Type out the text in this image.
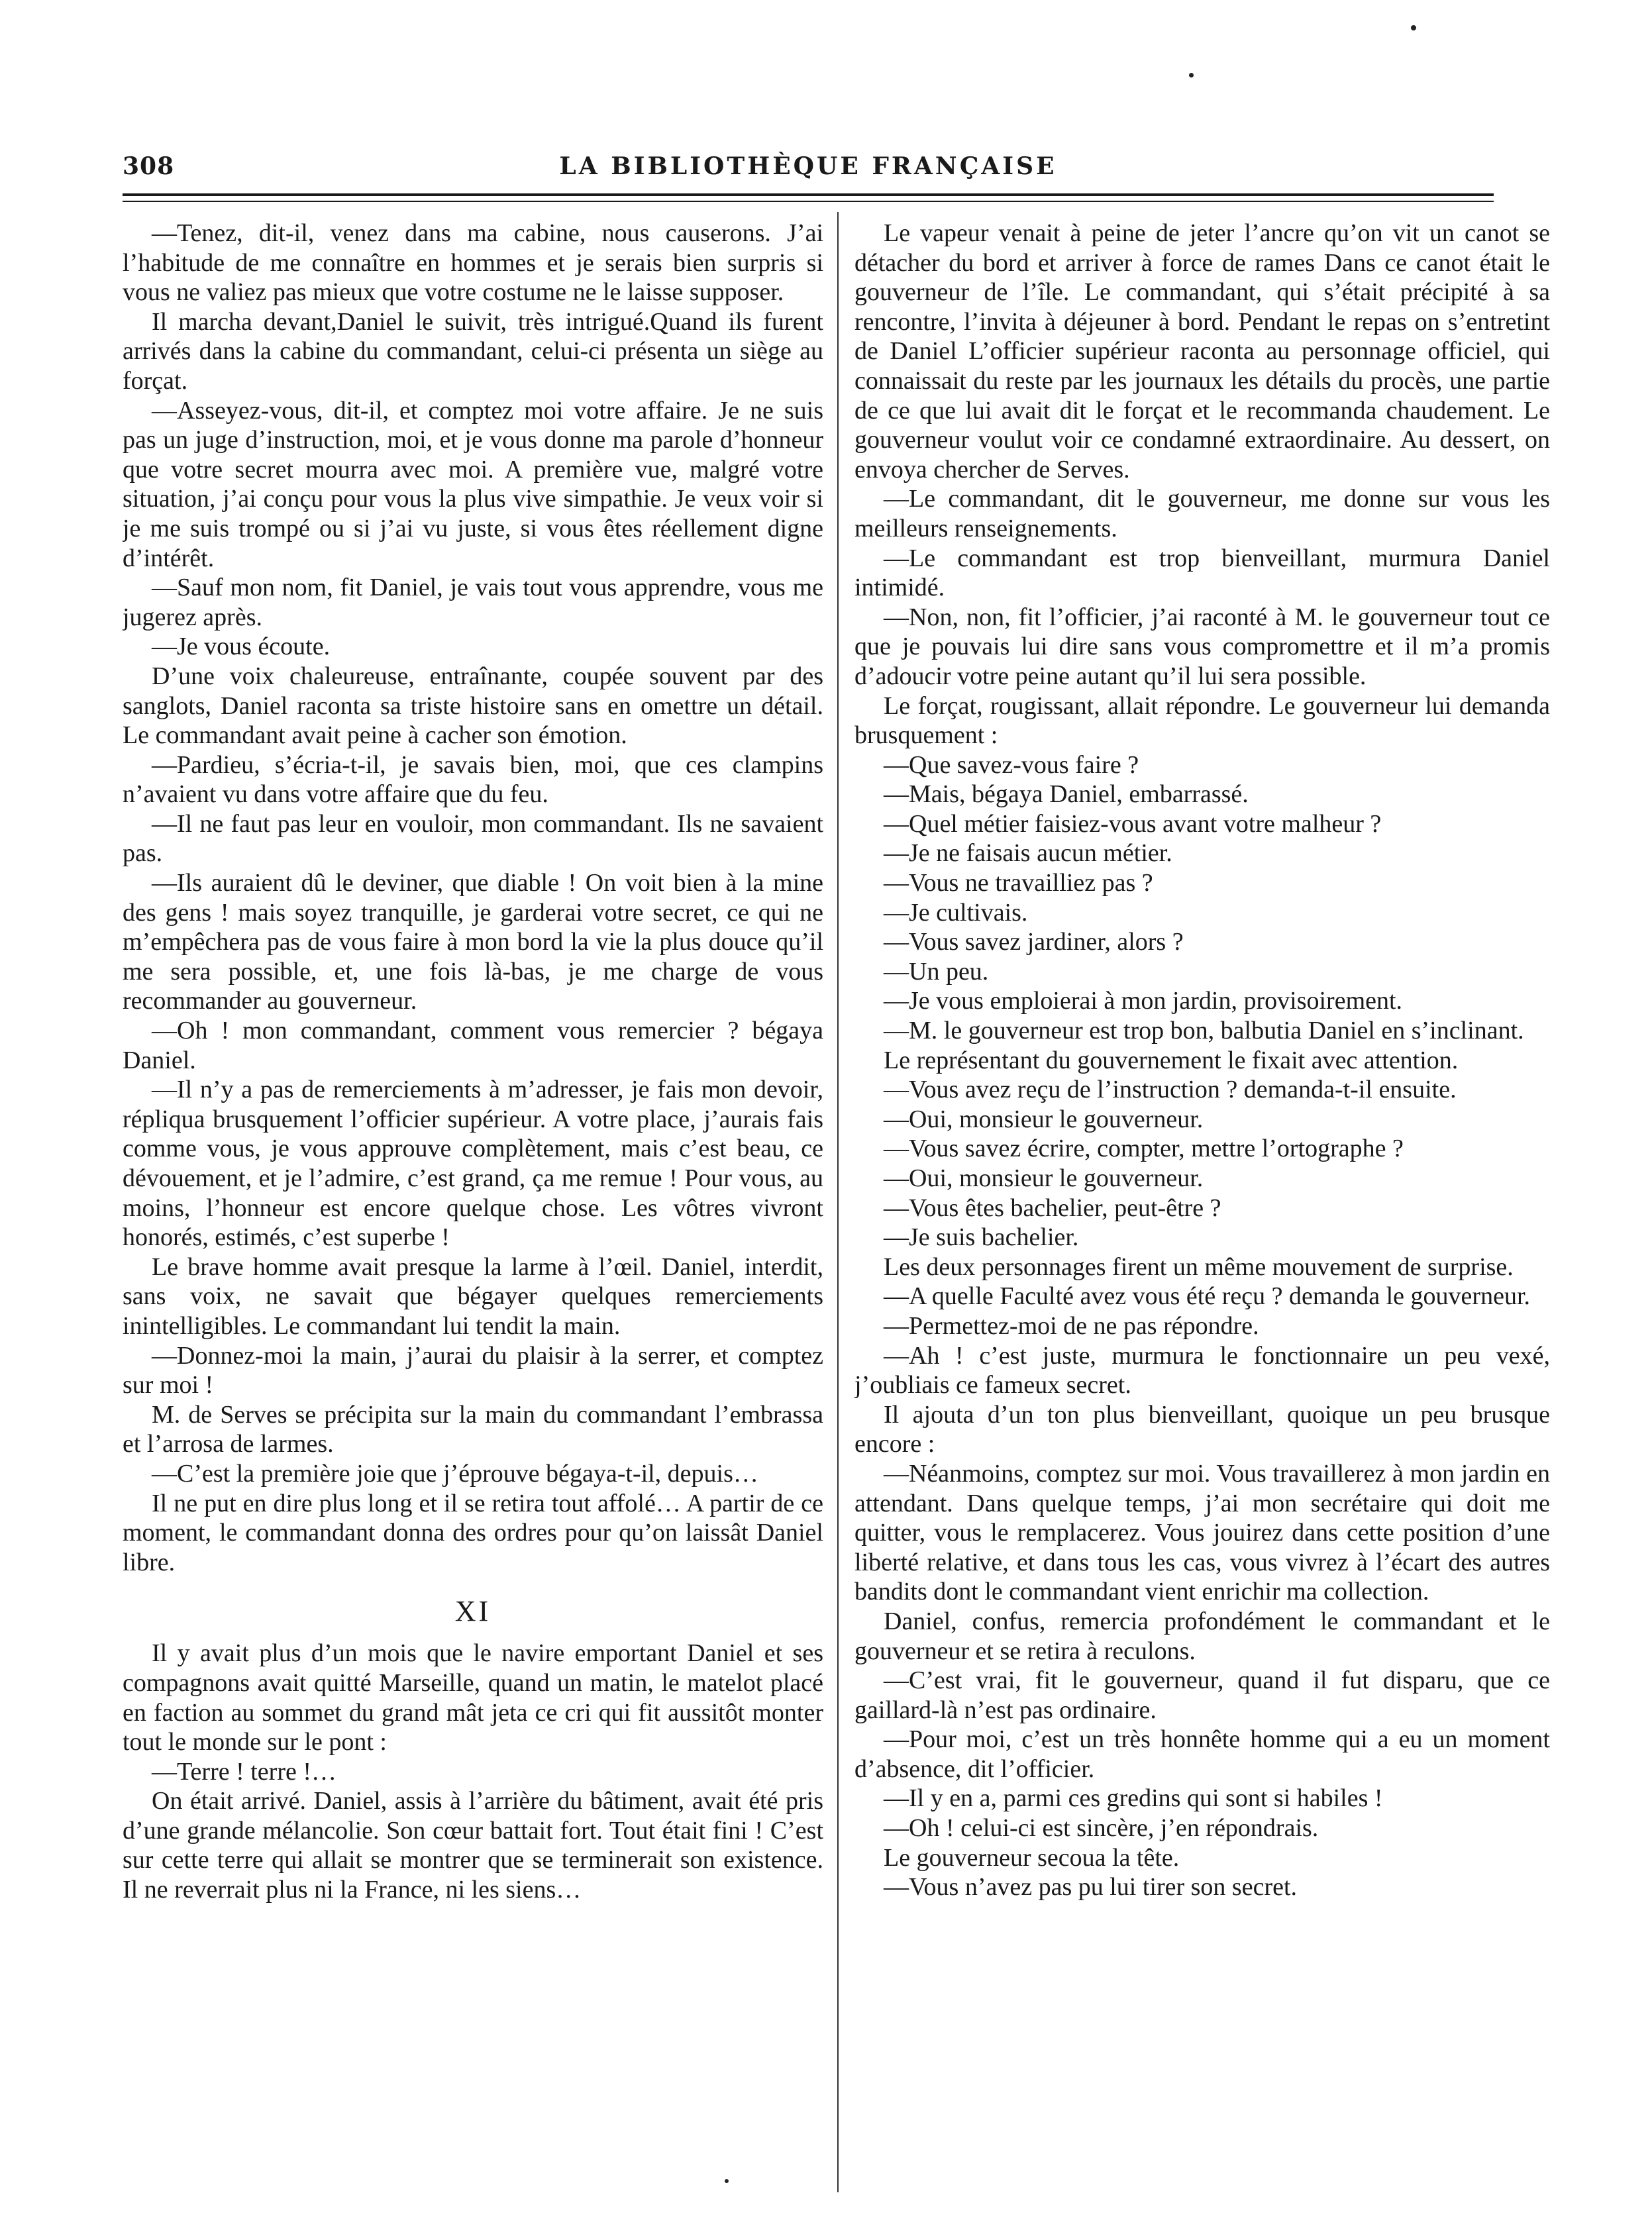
308	LA BIBLIOTHÈQUE FRANÇAISE

—Tenez, dit-il, venez dans ma cabine, nous causerons. J’ai l’habitude de me connaître en hommes et je serais bien surpris si vous ne valiez pas mieux que votre costume ne le laisse supposer.

Il marcha devant,Daniel le suivit, très intrigué.Quand ils furent arrivés dans la cabine du commandant, celui-ci présenta un siège au forçat.

—Asseyez-vous, dit-il, et comptez moi votre affaire. Je ne suis pas un juge d’instruction, moi, et je vous donne ma parole d’honneur que votre secret mourra avec moi. A première vue, malgré votre situation, j’ai conçu pour vous la plus vive simpathie. Je veux voir si je me suis trompé ou si j’ai vu juste, si vous êtes réellement digne d’intérêt.

—Sauf mon nom, fit Daniel, je vais tout vous apprendre, vous me jugerez après.

—Je vous écoute.

D’une voix chaleureuse, entraînante, coupée souvent par des sanglots, Daniel raconta sa triste histoire sans en omettre un détail. Le commandant avait peine à cacher son émotion.

—Pardieu, s’écria-t-il, je savais bien, moi, que ces clampins n’avaient vu dans votre affaire que du feu.

—Il ne faut pas leur en vouloir, mon commandant. Ils ne savaient pas.

—Ils auraient dû le deviner, que diable ! On voit bien à la mine des gens ! mais soyez tranquille, je garderai votre secret, ce qui ne m’empêchera pas de vous faire à mon bord la vie la plus douce qu’il me sera possible, et, une fois là-bas, je me charge de vous recommander au gouverneur.

—Oh ! mon commandant, comment vous remercier ? bégaya Daniel.

—Il n’y a pas de remerciements à m’adresser, je fais mon devoir, répliqua brusquement l’officier supérieur. A votre place, j’aurais fais comme vous, je vous approuve complètement, mais c’est beau, ce dévouement, et je l’admire, c’est grand, ça me remue ! Pour vous, au moins, l’honneur est encore quelque chose. Les vôtres vivront honorés, estimés, c’est superbe !

Le brave homme avait presque la larme à l’œil. Daniel, interdit, sans voix, ne savait que bégayer quelques remerciements inintelligibles. Le commandant lui tendit la main.

—Donnez-moi la main, j’aurai du plaisir à la serrer, et comptez sur moi !

M. de Serves se précipita sur la main du commandant l’embrassa et l’arrosa de larmes.

—C’est la première joie que j’éprouve bégaya-t-il, depuis…

Il ne put en dire plus long et il se retira tout affolé… A partir de ce moment, le commandant donna des ordres pour qu’on laissât Daniel libre.

XI

Il y avait plus d’un mois que le navire emportant Daniel et ses compagnons avait quitté Marseille, quand un matin, le matelot placé en faction au sommet du grand mât jeta ce cri qui fit aussitôt monter tout le monde sur le pont :

—Terre ! terre !…

On était arrivé. Daniel, assis à l’arrière du bâtiment, avait été pris d’une grande mélancolie. Son cœur battait fort. Tout était fini ! C’est sur cette terre qui allait se montrer que se terminerait son existence. Il ne reverrait plus ni la France, ni les siens…

Le vapeur venait à peine de jeter l’ancre qu’on vit un canot se détacher du bord et arriver à force de rames Dans ce canot était le gouverneur de l’île. Le commandant, qui s’était précipité à sa rencontre, l’invita à déjeuner à bord. Pendant le repas on s’entretint de Daniel L’officier supérieur raconta au personnage officiel, qui connaissait du reste par les journaux les détails du procès, une partie de ce que lui avait dit le forçat et le recommanda chaudement. Le gouverneur voulut voir ce condamné extraordinaire. Au dessert, on envoya chercher de Serves.

—Le commandant, dit le gouverneur, me donne sur vous les meilleurs renseignements.

—Le commandant est trop bienveillant, murmura Daniel intimidé.

—Non, non, fit l’officier, j’ai raconté à M. le gouverneur tout ce que je pouvais lui dire sans vous compromettre et il m’a promis d’adoucir votre peine autant qu’il lui sera possible.

Le forçat, rougissant, allait répondre. Le gouverneur lui demanda brusquement :

—Que savez-vous faire ?

—Mais, bégaya Daniel, embarrassé.

—Quel métier faisiez-vous avant votre malheur ?

—Je ne faisais aucun métier.

—Vous ne travailliez pas ?

—Je cultivais.

—Vous savez jardiner, alors ?

—Un peu.

—Je vous emploierai à mon jardin, provisoirement.

—M. le gouverneur est trop bon, balbutia Daniel en s’inclinant.

Le représentant du gouvernement le fixait avec attention.

—Vous avez reçu de l’instruction ? demanda-t-il ensuite.

—Oui, monsieur le gouverneur.

—Vous savez écrire, compter, mettre l’ortographe ?

—Oui, monsieur le gouverneur.

—Vous êtes bachelier, peut-être ?

—Je suis bachelier.

Les deux personnages firent un même mouvement de surprise.

—A quelle Faculté avez vous été reçu ? demanda le gouverneur.

—Permettez-moi de ne pas répondre.

—Ah ! c’est juste, murmura le fonctionnaire un peu vexé, j’oubliais ce fameux secret.

Il ajouta d’un ton plus bienveillant, quoique un peu brusque encore :

—Néanmoins, comptez sur moi. Vous travaillerez à mon jardin en attendant. Dans quelque temps, j’ai mon secrétaire qui doit me quitter, vous le remplacerez. Vous jouirez dans cette position d’une liberté relative, et dans tous les cas, vous vivrez à l’écart des autres bandits dont le commandant vient enrichir ma collection.

Daniel, confus, remercia profondément le commandant et le gouverneur et se retira à reculons.

—C’est vrai, fit le gouverneur, quand il fut disparu, que ce gaillard-là n’est pas ordinaire.

—Pour moi, c’est un très honnête homme qui a eu un moment d’absence, dit l’officier.

—Il y en a, parmi ces gredins qui sont si habiles !

—Oh ! celui-ci est sincère, j’en répondrais.

Le gouverneur secoua la tête.

—Vous n’avez pas pu lui tirer son secret.
